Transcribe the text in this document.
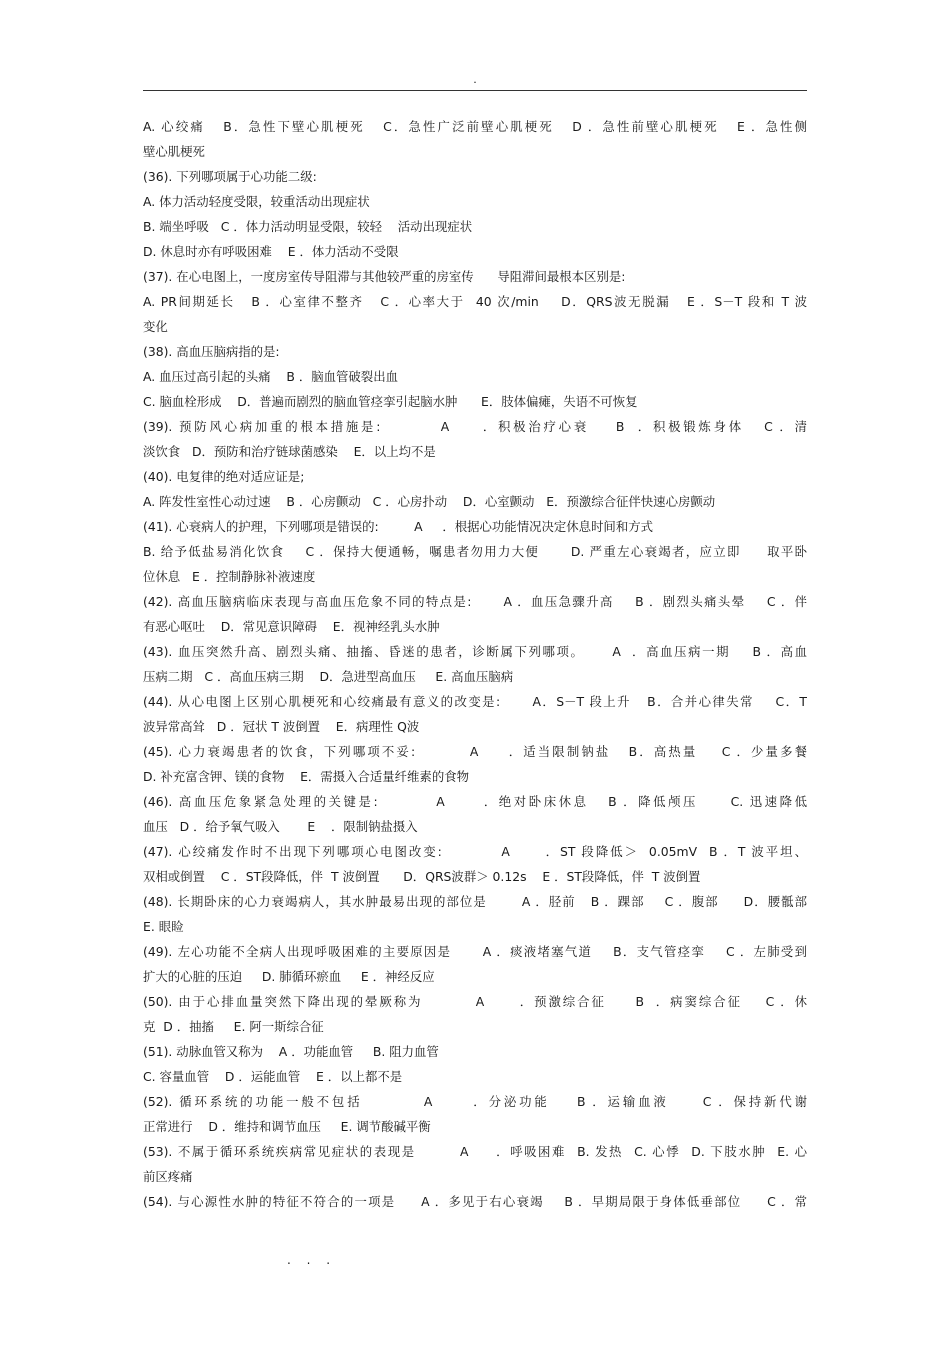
.
A. 心绞痛   B．急性下壁心肌梗死   C．急性广泛前壁心肌梗死   D ．急性前壁心肌梗死   E ．急性侧
壁心肌梗死
(36). 下列哪项属于心功能二级:
A. 体力活动轻度受限，较重活动出现症状
B. 端坐呼吸   C ．体力活动明显受限，较轻    活动出现症状
D. 休息时亦有呼吸困难    E ．体力活动不受限
(37). 在心电图上，一度房室传导阻滞与其他较严重的房室传      导阻滞间最根本区别是:
A. PR间期延长   B ．心室律不整齐   C ．心率大于  40 次/min    D．QRS波无脱漏   E ．S－T 段和 T 波
变化
(38). 高血压脑病指的是:
A. 血压过高引起的头痛    B ．脑血管破裂出血
C. 脑血栓形成    D．普遍而剧烈的脑血管痉挛引起脑水肿      E．肢体偏瘫，失语不可恢复
(39). 预防风心病加重的根本措施是:         A     ．积极治疗心衰    B  ．积极锻炼身体   C ．清
淡饮食   D．预防和治疗链球菌感染    E．以上均不是
(40). 电复律的绝对适应证是;
A. 阵发性室性心动过速    B ．心房颤动   C ．心房扑动    D．心室颤动   E．预激综合征伴快速心房颤动
(41). 心衰病人的护理，下列哪项是错误的:         A     ．根据心功能情况决定休息时间和方式
B. 给予低盐易消化饮食    C ．保持大便通畅，嘱患者勿用力大便      D. 严重左心衰竭者，应立即     取平卧
位休息   E ．控制静脉补液速度
(42). 高血压脑病临床表现与高血压危象不同的特点是:      A ．血压急骤升高    B ．剧烈头痛头晕    C ．伴
有恶心呕吐    D．常见意识障碍    E．视神经乳头水肿
(43). 血压突然升高、剧烈头痛、抽搐、昏迷的患者，诊断属下列哪项。     A  ．高血压病一期    B ．高血
压病二期   C ．高血压病三期    D．急进型高血压     E. 高血压脑病
(44). 从心电图上区别心肌梗死和心绞痛最有意义的改变是:      A．S－T 段上升   B．合并心律失常    C．T
波异常高耸   D ．冠状 T 波倒置    E．病理性 Q波
(45). 心力衰竭患者的饮食，下列哪项不妥:         A     ．适当限制钠盐   B．高热量    C ．少量多餐
D. 补充富含钾、镁的食物    E．需摄入合适量纤维素的食物
(46). 高血压危象紧急处理的关键是:         A      ．绝对卧床休息   B ．降低颅压     C. 迅速降低
血压   D ．给予氧气吸入       E    ．限制钠盐摄入
(47). 心绞痛发作时不出现下列哪项心电图改变:          A      ．ST 段降低＞  0.05mV  B ．T 波平坦、
双相或倒置    C ．ST段降低，伴  T 波倒置      D．QRS波群＞ 0.12s    E ．ST段降低，伴  T 波倒置
(48). 长期卧床的心力衰竭病人，其水肿最易出现的部位是       A ．胫前   B ．踝部    C ．腹部     D．腰骶部
E. 眼睑
(49). 左心功能不全病人出现呼吸困难的主要原因是      A ．痰液堵塞气道    B．支气管痉挛    C ．左肺受到
扩大的心脏的压迫     D. 肺循环瘀血     E ．神经反应
(50). 由于心排血量突然下降出现的晕厥称为         A      ．预激综合征     B  ．病窦综合征    C ．休
克  D ．抽搐     E. 阿一斯综合征
(51). 动脉血管又称为    A ．功能血管     B. 阻力血管
C. 容量血管    D ．运能血管    E ．以上都不是
(52). 循环系统的功能一般不包括         A      ．分泌功能    B ．运输血液     C ．保持新代谢
正常进行    D ．维持和调节血压     E. 调节酸碱平衡
(53). 不属于循环系统疾病常见症状的表现是        A     ．呼吸困难  B. 发热  C. 心悸  D. 下肢水肿  E. 心
前区疼痛
(54). 与心源性水肿的特征不符合的一项是     A ．多见于右心衰竭    B ．早期局限于身体低垂部位     C ．常
. . .
